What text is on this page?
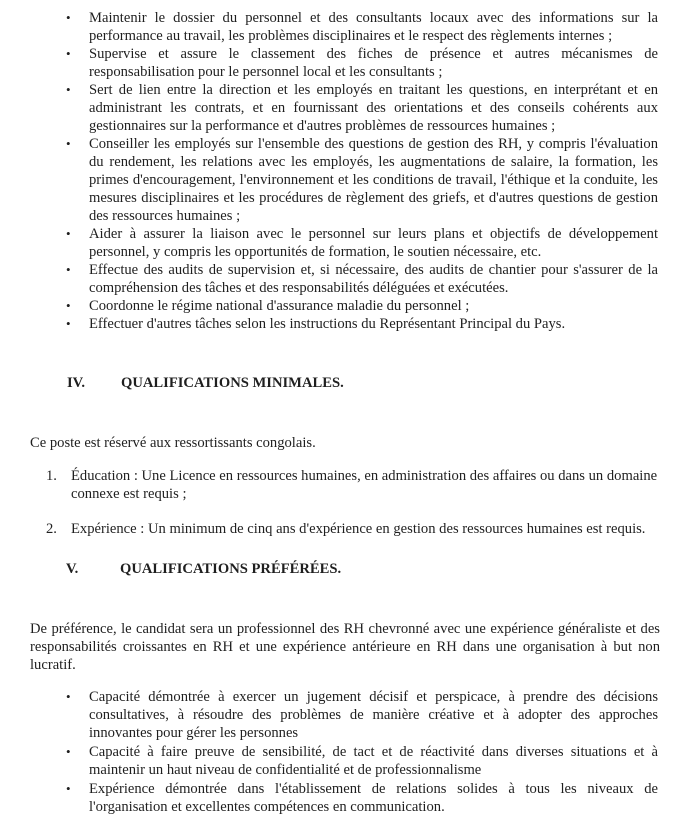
• Maintenir le dossier du personnel et des consultants locaux avec des informations sur la performance au travail, les problèmes disciplinaires et le respect des règlements internes ;
• Supervise et assure le classement des fiches de présence et autres mécanismes de responsabilisation pour le personnel local et les consultants ;
• Sert de lien entre la direction et les employés en traitant les questions, en interprétant et en administrant les contrats, et en fournissant des orientations et des conseils cohérents aux gestionnaires sur la performance et d'autres problèmes de ressources humaines ;
• Conseiller les employés sur l'ensemble des questions de gestion des RH, y compris l'évaluation du rendement, les relations avec les employés, les augmentations de salaire, la formation, les primes d'encouragement, l'environnement et les conditions de travail, l'éthique et la conduite, les mesures disciplinaires et les procédures de règlement des griefs, et d'autres questions de gestion des ressources humaines ;
• Aider à assurer la liaison avec le personnel sur leurs plans et objectifs de développement personnel, y compris les opportunités de formation, le soutien nécessaire, etc.
• Effectue des audits de supervision et, si nécessaire, des audits de chantier pour s'assurer de la compréhension des tâches et des responsabilités déléguées et exécutées.
• Coordonne le régime national d'assurance maladie du personnel ;
• Effectuer d'autres tâches selon les instructions du Représentant Principal du Pays.
IV. QUALIFICATIONS MINIMALES.
Ce poste est réservé aux ressortissants congolais.
1. Éducation : Une Licence en ressources humaines, en administration des affaires ou dans un domaine connexe est requis ;
2. Expérience : Un minimum de cinq ans d'expérience en gestion des ressources humaines est requis.
V.	QUALIFICATIONS PRÉFÉRÉES.
De préférence, le candidat sera un professionnel des RH chevronné avec une expérience généraliste et des responsabilités croissantes en RH et une expérience antérieure en RH dans une organisation à but non lucratif.
• Capacité démontrée à exercer un jugement décisif et perspicace, à prendre des décisions consultatives, à résoudre des problèmes de manière créative et à adopter des approches innovantes pour gérer les personnes
• Capacité à faire preuve de sensibilité, de tact et de réactivité dans diverses situations et à maintenir un haut niveau de confidentialité et de professionnalisme
• Expérience démontrée dans l'établissement de relations solides à tous les niveaux de l'organisation et excellentes compétences en communication.
